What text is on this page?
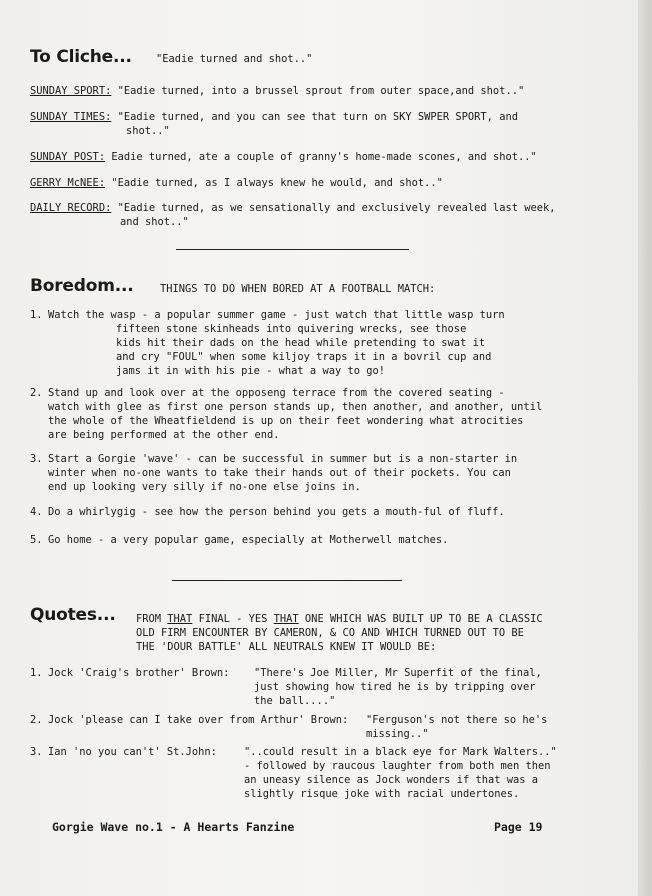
To Cliche... "Eadie turned and shot.."
SUNDAY SPORT: "Eadie turned, into a brussel sprout from outer space,and shot.."
SUNDAY TIMES: "Eadie turned, and you can see that turn on SKY SWPER SPORT, and
shot.."
SUNDAY POST: Eadie turned, ate a couple of granny's home-made scones, and shot.."
GERRY McNEE: "Eadie turned, as I always knew he would, and shot.."
DAILY RECORD: "Eadie turned, as we sensationally and exclusively revealed last week,
and shot.."
Boredom...	THINGS TO DO WHEN BORED AT A FOOTBALL MATCH:
1. Watch the wasp - a popular summer game - just watch that little wasp turn
fifteen stone skinheads into quivering wrecks, see those
kids hit their dads on the head while pretending to swat it
and cry "FOUL" when some kiljoy traps it in a bovril cup and
jams it in with his pie - what a way to go!
2. Stand up and look over at the opposeng terrace from the covered seating -
watch with glee as first one person stands up, then another, and another, until
the whole of the Wheatfieldend is up on their feet wondering what atrocities
are being performed at the other end.
3. Start a Gorgie 'wave' - can be successful in summer but is a non-starter in
winter when no-one wants to take their hands out of their pockets. You can
end up looking very silly if no-one else joins in.
4. Do a whirlygig - see how the person behind you gets a mouth-ful of fluff.
5. Go home - a very popular game, especially at Motherwell matches.
Quotes... FROM THAT FINAL - YES THAT ONE WHICH WAS BUILT UP TO BE A CLASSIC
OLD FIRM ENCOUNTER BY CAMERON, & CO AND WHICH TURNED OUT TO BE
THE 'DOUR BATTLE' ALL NEUTRALS KNEW IT WOULD BE:
1. Jock 'Craig's brother' Brown: "There's Joe Miller, Mr Superfit of the final,
just showing how tired he is by tripping over
the ball...."
2. Jock 'please can I take over from Arthur' Brown: "Ferguson's not there so he's
missing.."
3. Ian 'no you can't' St.John:	"..could result in a black eye for Mark Walters.."
- followed by raucous laughter from both men then
an uneasy silence as Jock wonders if that was a
slightly risque joke with racial undertones.
Gorgie Wave no.1 - A Hearts Fanzine	Page 19
